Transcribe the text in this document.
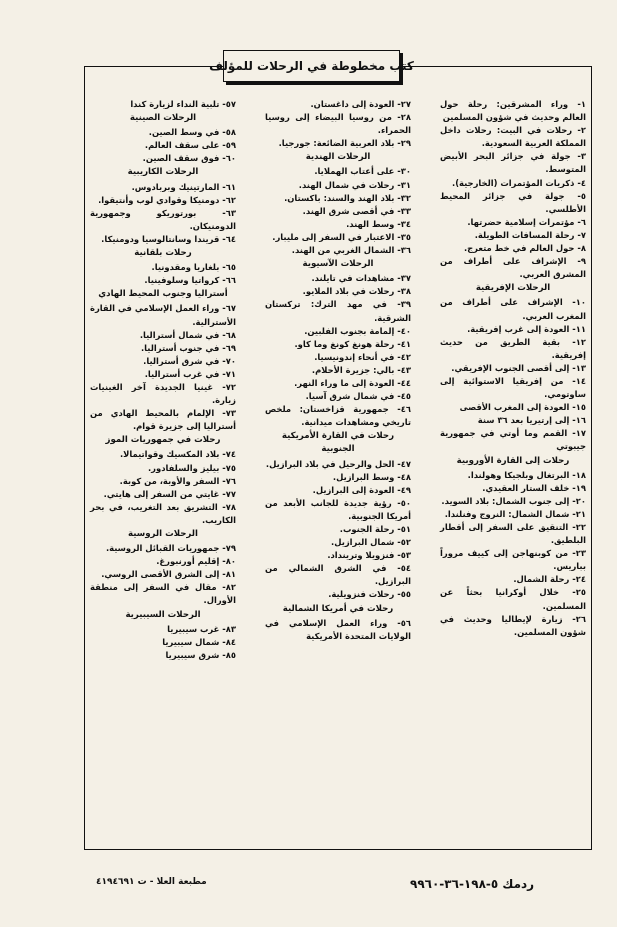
كتب مخطوطة في الرحلات للمؤلف
١- وراء المشرقين: رحلة حول العالم وحديث في شؤون المسلمين
٢- رحلات في البيت: رحلات داخل المملكة العربية السعودية.
٣- جولة في جزائر البحر الأبيض المتوسط.
٤- ذكريات المؤتمرات (الخارجية).
٥- جولة في جزائر المحيط الأطلسي.
٦- مؤتمرات إسلامية حضرتها.
٧- رحلة المسافات الطويلة.
٨- حول العالم في خط متعرج.
٩- الإشراف على أطراف من المشرق العربي.
الرحلات الإفريقية
١٠- الإشراف على أطراف من المغرب العربي.
١١- العودة إلى غرب إفريقية.
١٢- بقية الطريق من حديث إفريقية.
١٣- إلى أقصى الجنوب الإفريقي.
١٤- من إفريقيا الاستوائية إلى ساوتومي.
١٥- العودة إلى المغرب الأقصى
١٦- إلى إرتيريا بعد ٣٦ سنة
١٧- القمم وما أوتي في جمهورية جيبوتي
رحلات إلى القارة الأوروبية
١٨- البرتغال وبلجيكا وهولندا.
١٩- خلف الستار العقيدي.
٢٠- إلى جنوب الشمال: بلاد السويد.
٢١- شمال الشمال: النروج وفنلندا.
٢٢- التنقيق على السفر إلى أقطار البلطيق.
٢٣- من كوبنهاجن إلى كييف مروراً بباريس.
٢٤- رحلة الشمال.
٢٥- خلال أوكرانيا بحثاً عن المسلمين.
٢٦- زيارة لإيطاليا وحديث في شؤون المسلمين.
٢٧- العودة إلى داغستان.
٢٨- من روسيا البيضاء إلى روسيا الحمراء.
٢٩- بلاد العربية الضائعة: جورجيا.
الرحلات الهندية
٣٠- على أعتاب الهملايا.
٣١- رحلات في شمال الهند.
٣٢- بلاد الهند والسند: باكستان.
٣٣- في أقصى شرق الهند.
٣٤- وسط الهند.
٣٥- الاعتبار في السفر إلى مليبار.
٣٦- الشمال الغربي من الهند.
الرحلات الآسيوية
٣٧- مشاهدات في تايلند.
٣٨- رحلات في بلاد الملايو.
٣٩- في مهد الترك: تركستان الشرقية.
٤٠- إلمامة بجنوب الفلبين.
٤١- رحلة هونغ كونغ وما كاو.
٤٢- في أنحاء إندونيسيا.
٤٣- بالي: جزيرة الأحلام.
٤٤- العودة إلى ما وراء النهر.
٤٥- في شمال شرق آسيا.
٤٦- جمهورية قزاخستان: ملخص تاريخي ومشاهدات ميدانية.
رحلات في القارة الأمريكية الجنوبية
٤٧- الحل والرحيل في بلاد البرازيل.
٤٨- وسط البرازيل.
٤٩- العودة إلى البرازيل.
٥٠- رؤية جديدة للجانب الأبعد من أمريكا الجنوبية.
٥١- رحلة الجنوب.
٥٢- شمال البرازيل.
٥٣- فنزويلا وترينداد.
٥٤- في الشرق الشمالي من البرازيل.
٥٥- رحلات فنزويلية.
رحلات في أمريكا الشمالية
٥٦- وراء العمل الإسلامي في الولايات المتحدة الأمريكية
٥٧- تلبية النداء لزيارة كندا
الرحلات الصينية
٥٨- في وسط الصين.
٥٩- على سقف العالم.
٦٠- فوق سقف الصين.
الرحلات الكاريبية
٦١- المارتينيك وبربادوس.
٦٢- دومنيكا وقوادي لوب وأنتيقوا.
٦٣- بورتوريكو وجمهورية الدومنيكان.
٦٤- قريندا وسانتالوسيا ودومنيكا.
رحلات بلقانية
٦٥- بلغاريا ومقدونيا.
٦٦- كرواتيا وسلوفينيا.
أستراليا وجنوب المحيط الهادي
٦٧- وراء العمل الإسلامي في القارة الأسترالية.
٦٨- في شمال أستراليا.
٦٩- في جنوب أستراليا.
٧٠- في شرق أستراليا.
٧١- في غرب أستراليا.
٧٢- غينيا الجديدة آخر الغينيات زيارة.
٧٣- الإلمام بالمحيط الهادي من أستراليا إلى جزيرة قوام.
رحلات في جمهوريات الموز
٧٤- بلاد المكسيك وقواتيمالا.
٧٥- بيليز والسلفادور.
٧٦- السفر والأوبة، من كوبة.
٧٧- غايتي من السفر إلى هايتي.
٧٨- التشريق بعد التغريب، في بحر الكاريب.
الرحلات الروسية
٧٩- جمهوريات القبائل الروسية.
٨٠- إقليم أورنبورغ.
٨١- إلى الشرق الأقصى الروسي.
٨٢- مقال في السفر إلى منطقة الأورال.
الرحلات السيبيرية
٨٣- غرب سيبيريا
٨٤- شمال سيبيريا
٨٥- شرق سيبيريا
ردمك ٥-١٩٨-٣٦-٩٩٦٠
مطبعة العلا - ت ٤١٩٤٦٩١
